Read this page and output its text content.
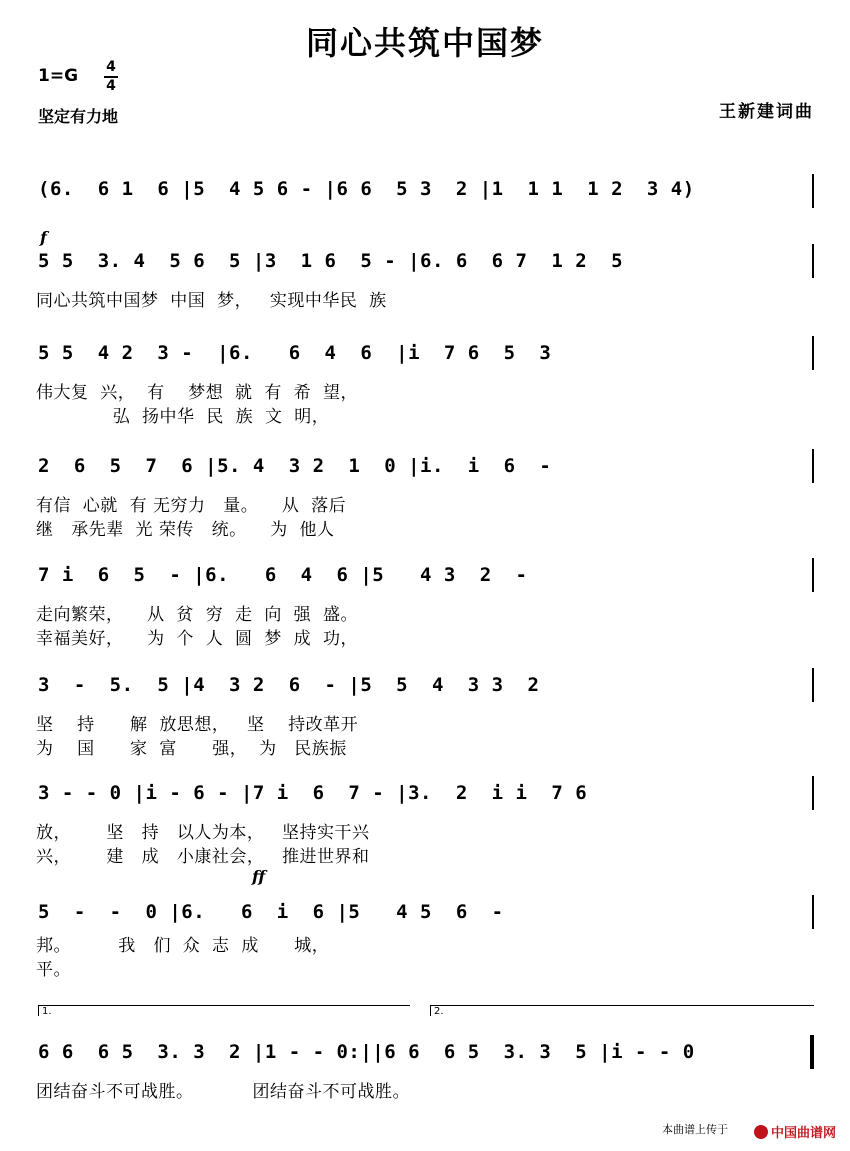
同心共筑中国梦
1=G 4
4
坚定有力地	王新建词曲
(6.  6 1  6 |5  4 5 6 - |6 6  5 3  2 |1  1 1  1 2  3 4)
f
5 5  3. 4  5 6  5 |3  1 6  5 - |6. 6  6 7  1 2  5
同心共筑中国梦  中国  梦，   实现中华民  族
5 5  4 2  3 -  |6.   6  4  6  |i  7 6  5  3
伟大复  兴，  有    梦想  就  有  希  望，
弘  扬中华  民  族  文  明，
2  6  5  7  6 |5. 4  3 2  1  0 |i.  i  6  -
有信  心就  有 无穷力   量。    从  落后
继   承先辈  光 荣传   统。    为  他人
7 i  6  5  - |6.   6  4  6 |5   4 3  2  -
走向繁荣，    从  贫  穷  走  向  强  盛。
幸福美好，    为  个  人  圆  梦  成  功，
3  -  5.  5 |4  3 2  6  - |5  5  4  3 3  2
坚    持      解  放思想，   坚    持改革开
为    国      家  富      强，  为   民族振
3 - - 0 |i - 6 - |7 i  6  7 - |3.  2  i i  7 6
放，      坚   持   以人为本，   坚持实干兴
兴，      建   成   小康社会，   推进世界和
ff
5  -  -  0 |6.   6  i  6 |5   4 5  6  -
邦。        我   们  众  志  成      城，
平。
1.	2.
6 6  6 5  3. 3  2 |1 - - 0:||6 6  6 5  3. 3  5 |i - - 0
团结奋斗不可战胜。          团结奋斗不可战胜。
本曲谱上传于	中国曲谱网
